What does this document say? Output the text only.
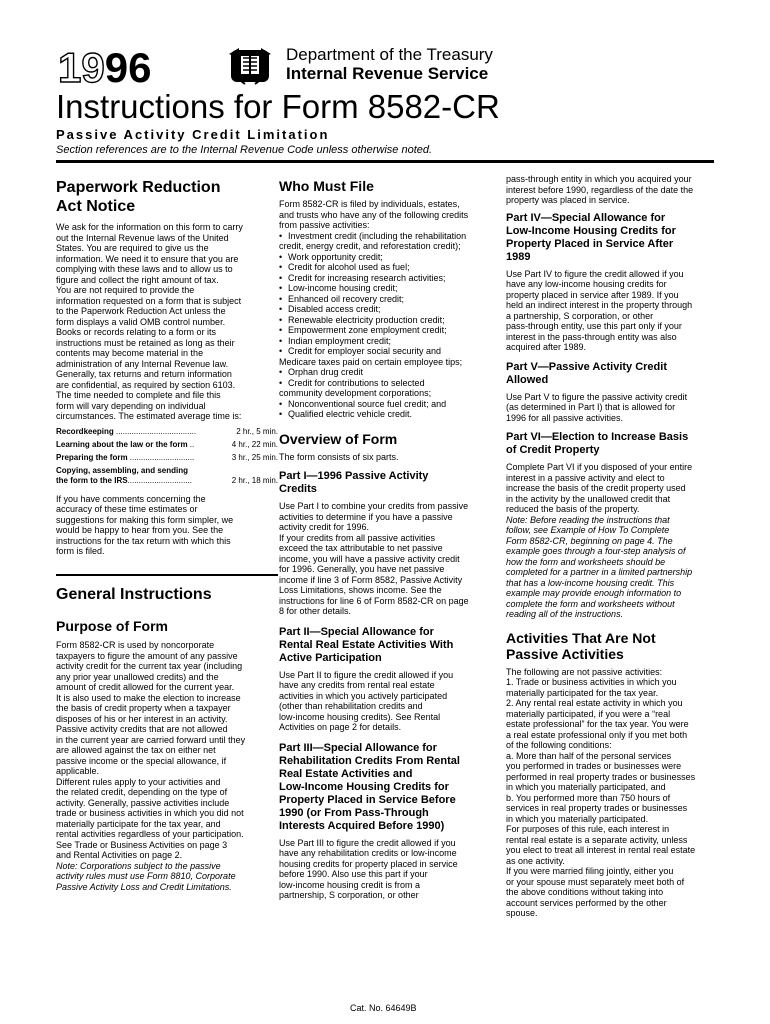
1996	Department of the Treasury
Internal Revenue Service
Instructions for Form 8582-CR
Passive Activity Credit Limitation
Section references are to the Internal Revenue Code unless otherwise noted.
Paperwork Reduction
Act Notice

We ask for the information on this form to carry

out the Internal Revenue laws of the United

States. You are required to give us the

information. We need it to ensure that you are

complying with these laws and to allow us to

figure and collect the right amount of tax.

You are not required to provide the

information requested on a form that is subject

to the Paperwork Reduction Act unless the

form displays a valid OMB control number.

Books or records relating to a form or its

instructions must be retained as long as their

contents may become material in the

administration of any Internal Revenue law.

Generally, tax returns and return information

are confidential, as required by section 6103.

The time needed to complete and file this

form will vary depending on individual

circumstances. The estimated average time is:

Recordkeeping ....................................	2 hr., 5 min.
Learning about the law or the form ..	4 hr., 22 min.
Preparing the form .............................	3 hr., 25 min.
Copying, assembling, and sending
the form to the IRS.............................	2 hr., 18 min.

If you have comments concerning the

accuracy of these time estimates or

suggestions for making this form simpler, we

would be happy to hear from you. See the

instructions for the tax return with which this

form is filed.

General Instructions
Purpose of Form

Form 8582-CR is used by noncorporate

taxpayers to figure the amount of any passive

activity credit for the current tax year (including

any prior year unallowed credits) and the

amount of credit allowed for the current year.

It is also used to make the election to increase

the basis of credit property when a taxpayer

disposes of his or her interest in an activity.

Passive activity credits that are not allowed

in the current year are carried forward until they

are allowed against the tax on either net

passive income or the special allowance, if

applicable.

Different rules apply to your activities and

the related credit, depending on the type of

activity. Generally, passive activities include

trade or business activities in which you did not

materially participate for the tax year, and

rental activities regardless of your participation.

See Trade or Business Activities on page 3

and Rental Activities on page 2.

Note: Corporations subject to the passive

activity rules must use Form 8810, Corporate

Passive Activity Loss and Credit Limitations.

Who Must File

Form 8582-CR is filed by individuals, estates,

and trusts who have any of the following credits

from passive activities:

• Investment credit (including the rehabilitation

credit, energy credit, and reforestation credit);

• Work opportunity credit;

• Credit for alcohol used as fuel;

• Credit for increasing research activities;

• Low-income housing credit;

• Enhanced oil recovery credit;

• Disabled access credit;

• Renewable electricity production credit;

• Empowerment zone employment credit;

• Indian employment credit;

• Credit for employer social security and

Medicare taxes paid on certain employee tips;

• Orphan drug credit

• Credit for contributions to selected

community development corporations;

• Nonconventional source fuel credit; and

• Qualified electric vehicle credit.

Overview of Form

The form consists of six parts.

Part I—1996 Passive Activity
Credits

Use Part I to combine your credits from passive

activities to determine if you have a passive

activity credit for 1996.

If your credits from all passive activities

exceed the tax attributable to net passive

income, you will have a passive activity credit

for 1996. Generally, you have net passive

income if line 3 of Form 8582, Passive Activity

Loss Limitations, shows income. See the

instructions for line 6 of Form 8582-CR on page

8 for other details.

Part II—Special Allowance for
Rental Real Estate Activities With
Active Participation

Use Part II to figure the credit allowed if you

have any credits from rental real estate

activities in which you actively participated

(other than rehabilitation credits and

low-income housing credits). See Rental

Activities on page 2 for details.

Part III—Special Allowance for
Rehabilitation Credits From Rental
Real Estate Activities and
Low-Income Housing Credits for
Property Placed in Service Before
1990 (or From Pass-Through
Interests Acquired Before 1990)

Use Part III to figure the credit allowed if you

have any rehabilitation credits or low-income

housing credits for property placed in service

before 1990. Also use this part if your

low-income housing credit is from a

partnership, S corporation, or other

pass-through entity in which you acquired your

interest before 1990, regardless of the date the

property was placed in service.

Part IV—Special Allowance for
Low-Income Housing Credits for
Property Placed in Service After
1989

Use Part IV to figure the credit allowed if you

have any low-income housing credits for

property placed in service after 1989. If you

held an indirect interest in the property through

a partnership, S corporation, or other

pass-through entity, use this part only if your

interest in the pass-through entity was also

acquired after 1989.

Part V—Passive Activity Credit
Allowed

Use Part V to figure the passive activity credit

(as determined in Part I) that is allowed for

1996 for all passive activities.

Part VI—Election to Increase Basis
of Credit Property

Complete Part VI if you disposed of your entire

interest in a passive activity and elect to

increase the basis of the credit property used

in the activity by the unallowed credit that

reduced the basis of the property.

Note: Before reading the instructions that

follow, see Example of How To Complete

Form 8582-CR, beginning on page 4. The

example goes through a four-step analysis of

how the form and worksheets should be

completed for a partner in a limited partnership

that has a low-income housing credit. This

example may provide enough information to

complete the form and worksheets without

reading all of the instructions.

Activities That Are Not
Passive Activities

The following are not passive activities:

1. Trade or business activities in which you

materially participated for the tax year.

2. Any rental real estate activity in which you

materially participated, if you were a “real

estate professional” for the tax year. You were

a real estate professional only if you met both

of the following conditions:

a. More than half of the personal services

you performed in trades or businesses were

performed in real property trades or businesses

in which you materially participated, and

b. You performed more than 750 hours of

services in real property trades or businesses

in which you materially participated.

For purposes of this rule, each interest in

rental real estate is a separate activity, unless

you elect to treat all interest in rental real estate

as one activity.

If you were married filing jointly, either you

or your spouse must separately meet both of

the above conditions without taking into

account services performed by the other

spouse.

Cat. No. 64649B
